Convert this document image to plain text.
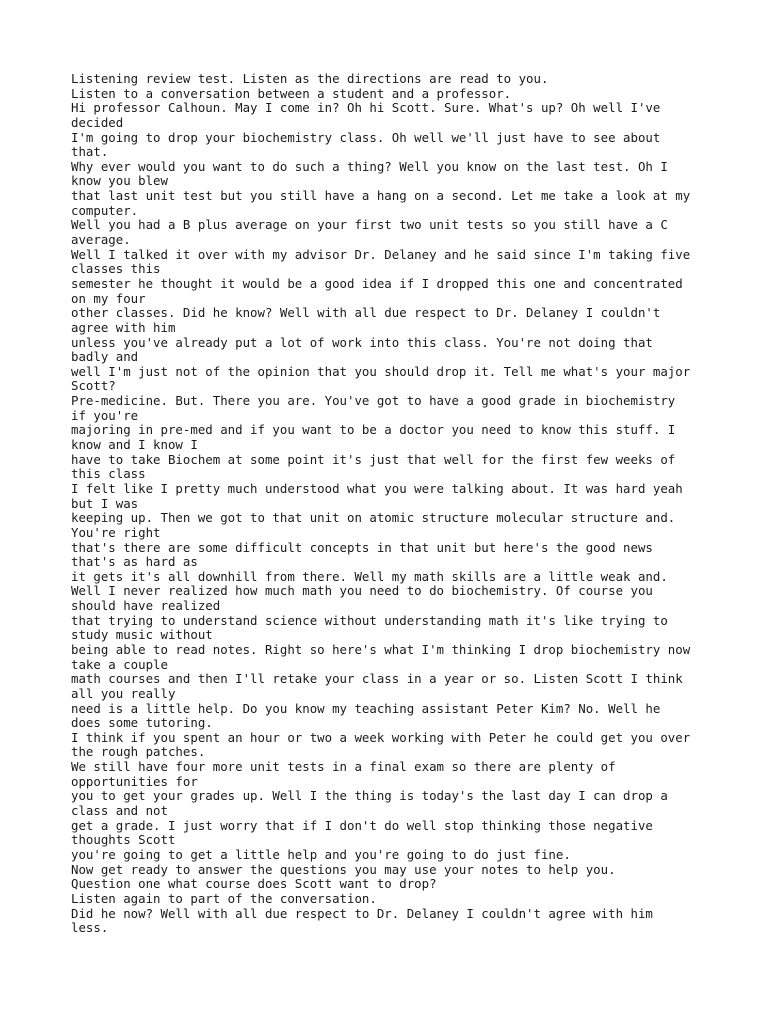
Listening review test. Listen as the directions are read to you.
Listen to a conversation between a student and a professor.
Hi professor Calhoun. May I come in? Oh hi Scott. Sure. What's up? Oh well I've
decided
I'm going to drop your biochemistry class. Oh well we'll just have to see about
that.
Why ever would you want to do such a thing? Well you know on the last test. Oh I
know you blew
that last unit test but you still have a hang on a second. Let me take a look at my
computer.
Well you had a B plus average on your first two unit tests so you still have a C
average.
Well I talked it over with my advisor Dr. Delaney and he said since I'm taking five
classes this
semester he thought it would be a good idea if I dropped this one and concentrated
on my four
other classes. Did he know? Well with all due respect to Dr. Delaney I couldn't
agree with him
unless you've already put a lot of work into this class. You're not doing that
badly and
well I'm just not of the opinion that you should drop it. Tell me what's your major
Scott?
Pre-medicine. But. There you are. You've got to have a good grade in biochemistry
if you're
majoring in pre-med and if you want to be a doctor you need to know this stuff. I
know and I know I
have to take Biochem at some point it's just that well for the first few weeks of
this class
I felt like I pretty much understood what you were talking about. It was hard yeah
but I was
keeping up. Then we got to that unit on atomic structure molecular structure and.
You're right
that's there are some difficult concepts in that unit but here's the good news
that's as hard as
it gets it's all downhill from there. Well my math skills are a little weak and.
Well I never realized how much math you need to do biochemistry. Of course you
should have realized
that trying to understand science without understanding math it's like trying to
study music without
being able to read notes. Right so here's what I'm thinking I drop biochemistry now
take a couple
math courses and then I'll retake your class in a year or so. Listen Scott I think
all you really
need is a little help. Do you know my teaching assistant Peter Kim? No. Well he
does some tutoring.
I think if you spent an hour or two a week working with Peter he could get you over
the rough patches.
We still have four more unit tests in a final exam so there are plenty of
opportunities for
you to get your grades up. Well I the thing is today's the last day I can drop a
class and not
get a grade. I just worry that if I don't do well stop thinking those negative
thoughts Scott
you're going to get a little help and you're going to do just fine.
Now get ready to answer the questions you may use your notes to help you.
Question one what course does Scott want to drop?
Listen again to part of the conversation.
Did he now? Well with all due respect to Dr. Delaney I couldn't agree with him
less.
